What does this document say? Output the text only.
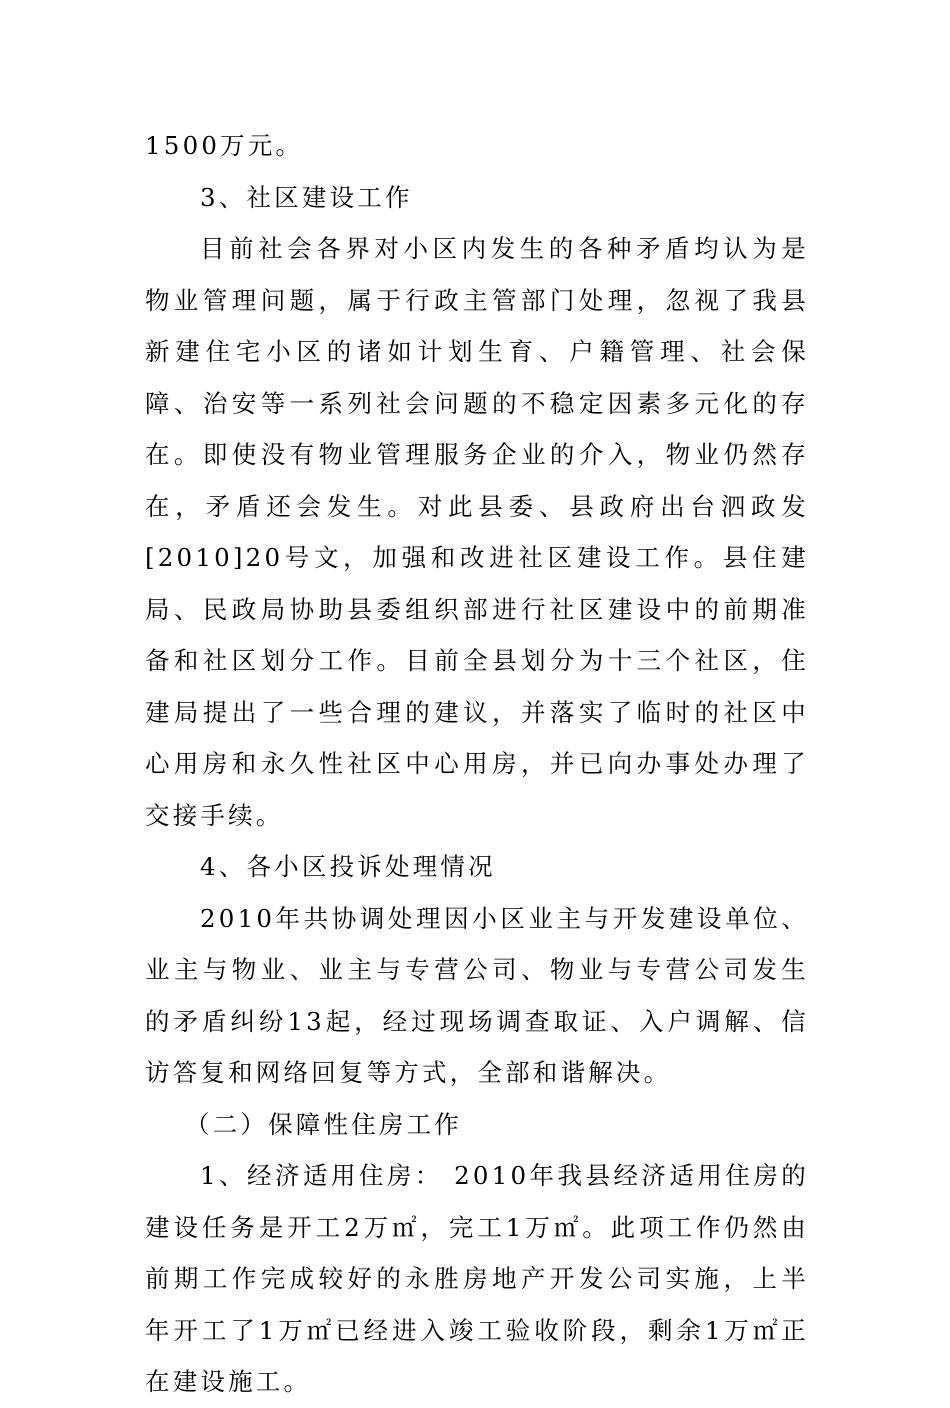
1500万元。

3、社区建设工作

目前社会各界对小区内发生的各种矛盾均认为是物业管理问题，属于行政主管部门处理，忽视了我县新建住宅小区的诸如计划生育、户籍管理、社会保障、治安等一系列社会问题的不稳定因素多元化的存在。即使没有物业管理服务企业的介入，物业仍然存在，矛盾还会发生。对此县委、县政府出台泗政发[2010]20号文，加强和改进社区建设工作。县住建局、民政局协助县委组织部进行社区建设中的前期准备和社区划分工作。目前全县划分为十三个社区，住建局提出了一些合理的建议，并落实了临时的社区中心用房和永久性社区中心用房，并已向办事处办理了交接手续。

4、各小区投诉处理情况

2010年共协调处理因小区业主与开发建设单位、业主与物业、业主与专营公司、物业与专营公司发生的矛盾纠纷13起，经过现场调查取证、入户调解、信访答复和网络回复等方式，全部和谐解决。

（二）保障性住房工作

1、经济适用住房： 2010年我县经济适用住房的建设任务是开工2万㎡，完工1万㎡。此项工作仍然由前期工作完成较好的永胜房地产开发公司实施，上半年开工了1万㎡已经进入竣工验收阶段，剩余1万㎡正在建设施工。
